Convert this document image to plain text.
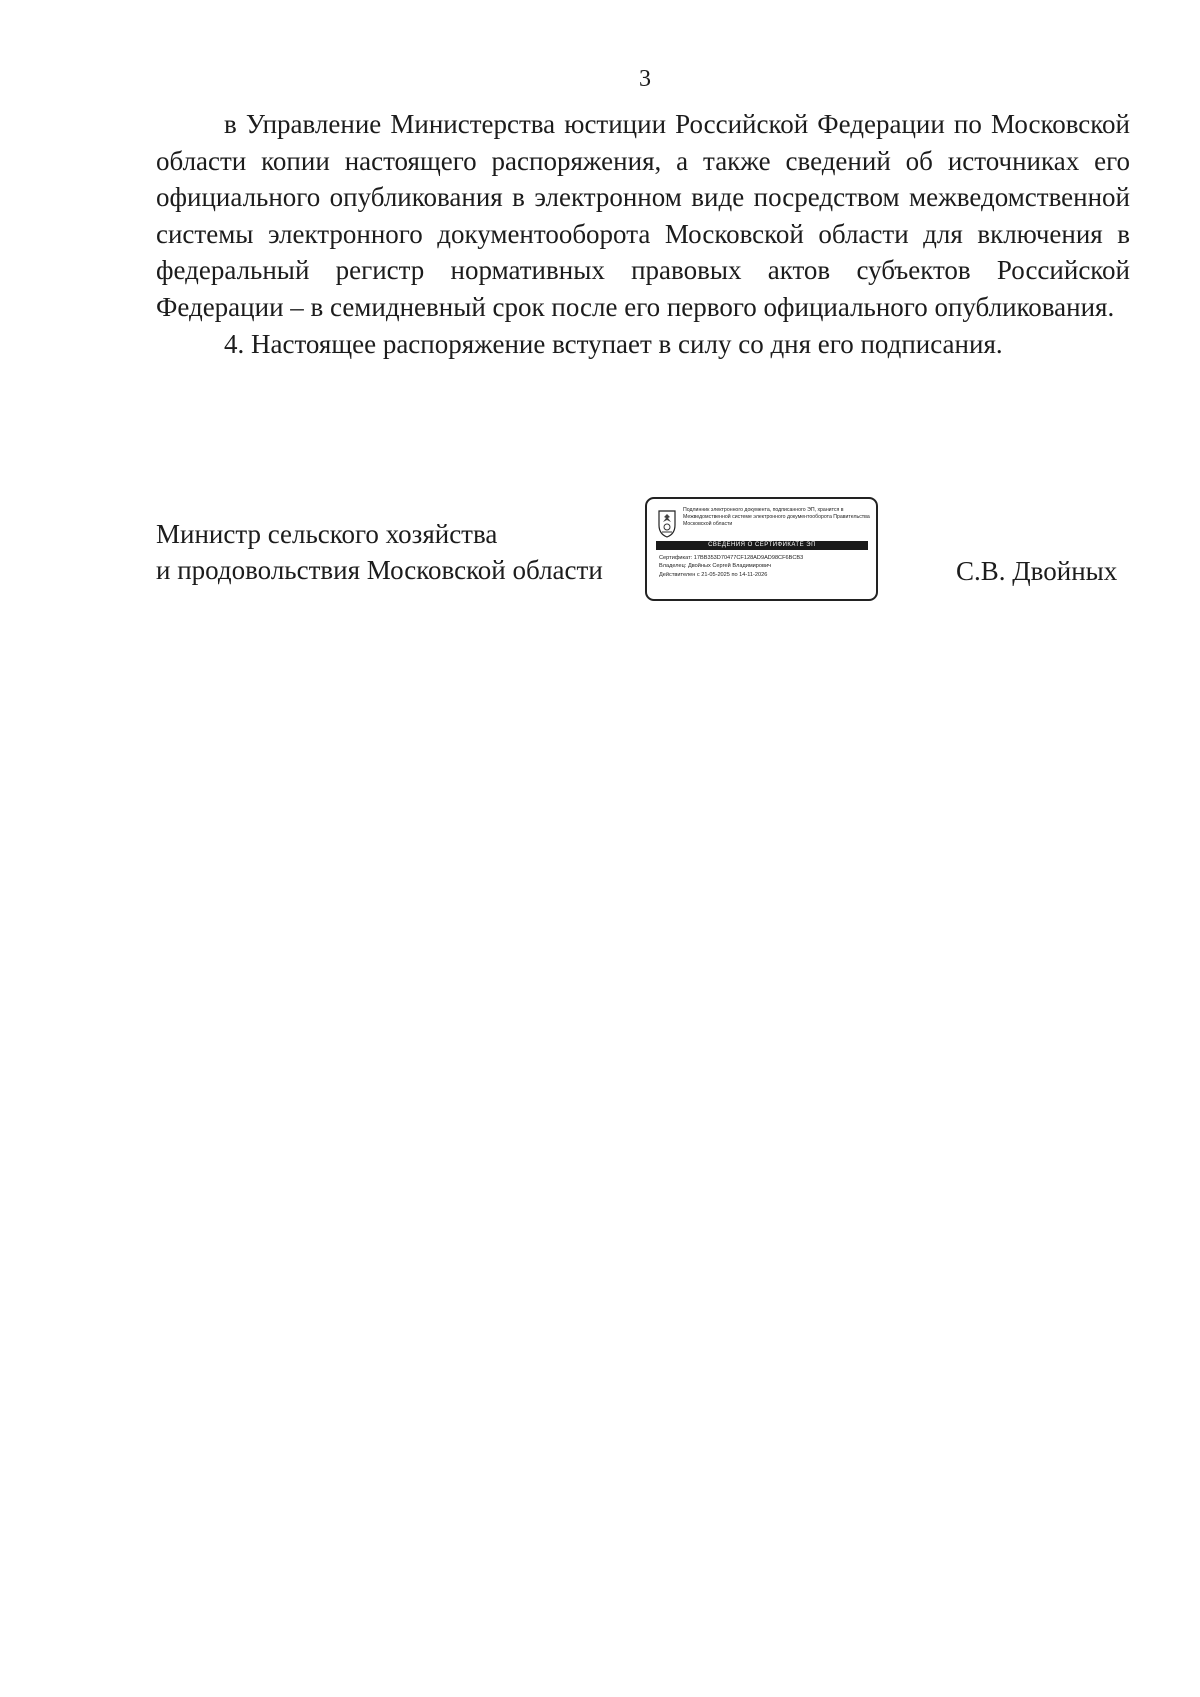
3

в Управление Министерства юстиции Российской Федерации по Московской области копии настоящего распоряжения, а также сведений об источниках его официального опубликования в электронном виде посредством межведомственной системы электронного документооборота Московской области для включения в федеральный регистр нормативных правовых актов субъектов Российской Федерации – в семидневный срок после его первого официального опубликования.

4. Настоящее распоряжение вступает в силу со дня его подписания.

Министр сельского хозяйства
и продовольствия Московской области
Подлинник электронного документа, подписанного ЭП, хранится в Межведомственной системе электронного документооборота Правительства Московской области
СВЕДЕНИЯ О СЕРТИФИКАТЕ ЭП
Сертификат: 17BB353D70477CF128AD9AD98CF6BCB3
Владелец: Двойных Сергей Владимирович
Действителен с 21-05-2025 по 14-11-2026	С.В. Двойных
